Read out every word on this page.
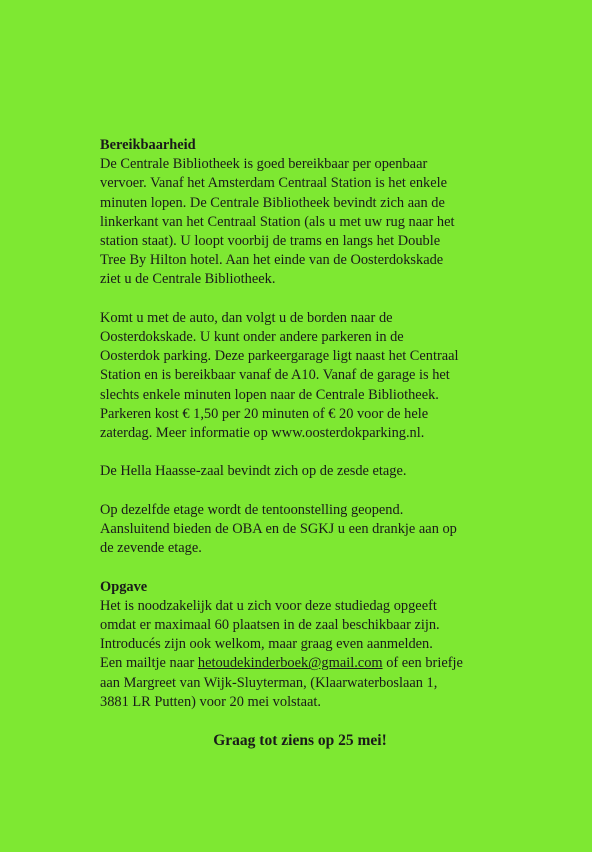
Bereikbaarheid

De Centrale Bibliotheek is goed bereikbaar per openbaar
vervoer. Vanaf het Amsterdam Centraal Station is het enkele
minuten lopen. De Centrale Bibliotheek bevindt zich aan de
linkerkant van het Centraal Station (als u met uw rug naar het
station staat). U loopt voorbij de trams en langs het Double
Tree By Hilton hotel. Aan het einde van de Oosterdokskade
ziet u de Centrale Bibliotheek.

Komt u met de auto, dan volgt u de borden naar de
Oosterdokskade. U kunt onder andere parkeren in de
Oosterdok parking. Deze parkeergarage ligt naast het Centraal
Station en is bereikbaar vanaf de A10. Vanaf de garage is het
slechts enkele minuten lopen naar de Centrale Bibliotheek.
Parkeren kost € 1,50 per 20 minuten of € 20 voor de hele
zaterdag. Meer informatie op www.oosterdokparking.nl.

De Hella Haasse-zaal bevindt zich op de zesde etage.

Op dezelfde etage wordt de tentoonstelling geopend.
Aansluitend bieden de OBA en de SGKJ u een drankje aan op
de zevende etage.

Opgave

Het is noodzakelijk dat u zich voor deze studiedag opgeeft
omdat er maximaal 60 plaatsen in de zaal beschikbaar zijn.
Introducés zijn ook welkom, maar graag even aanmelden.

Een mailtje naar hetoudekinderboek@gmail.com of een briefje
aan Margreet van Wijk-Sluyterman, (Klaarwaterboslaan 1,
3881 LR Putten) voor 20 mei volstaat.

Graag tot ziens op 25 mei!
